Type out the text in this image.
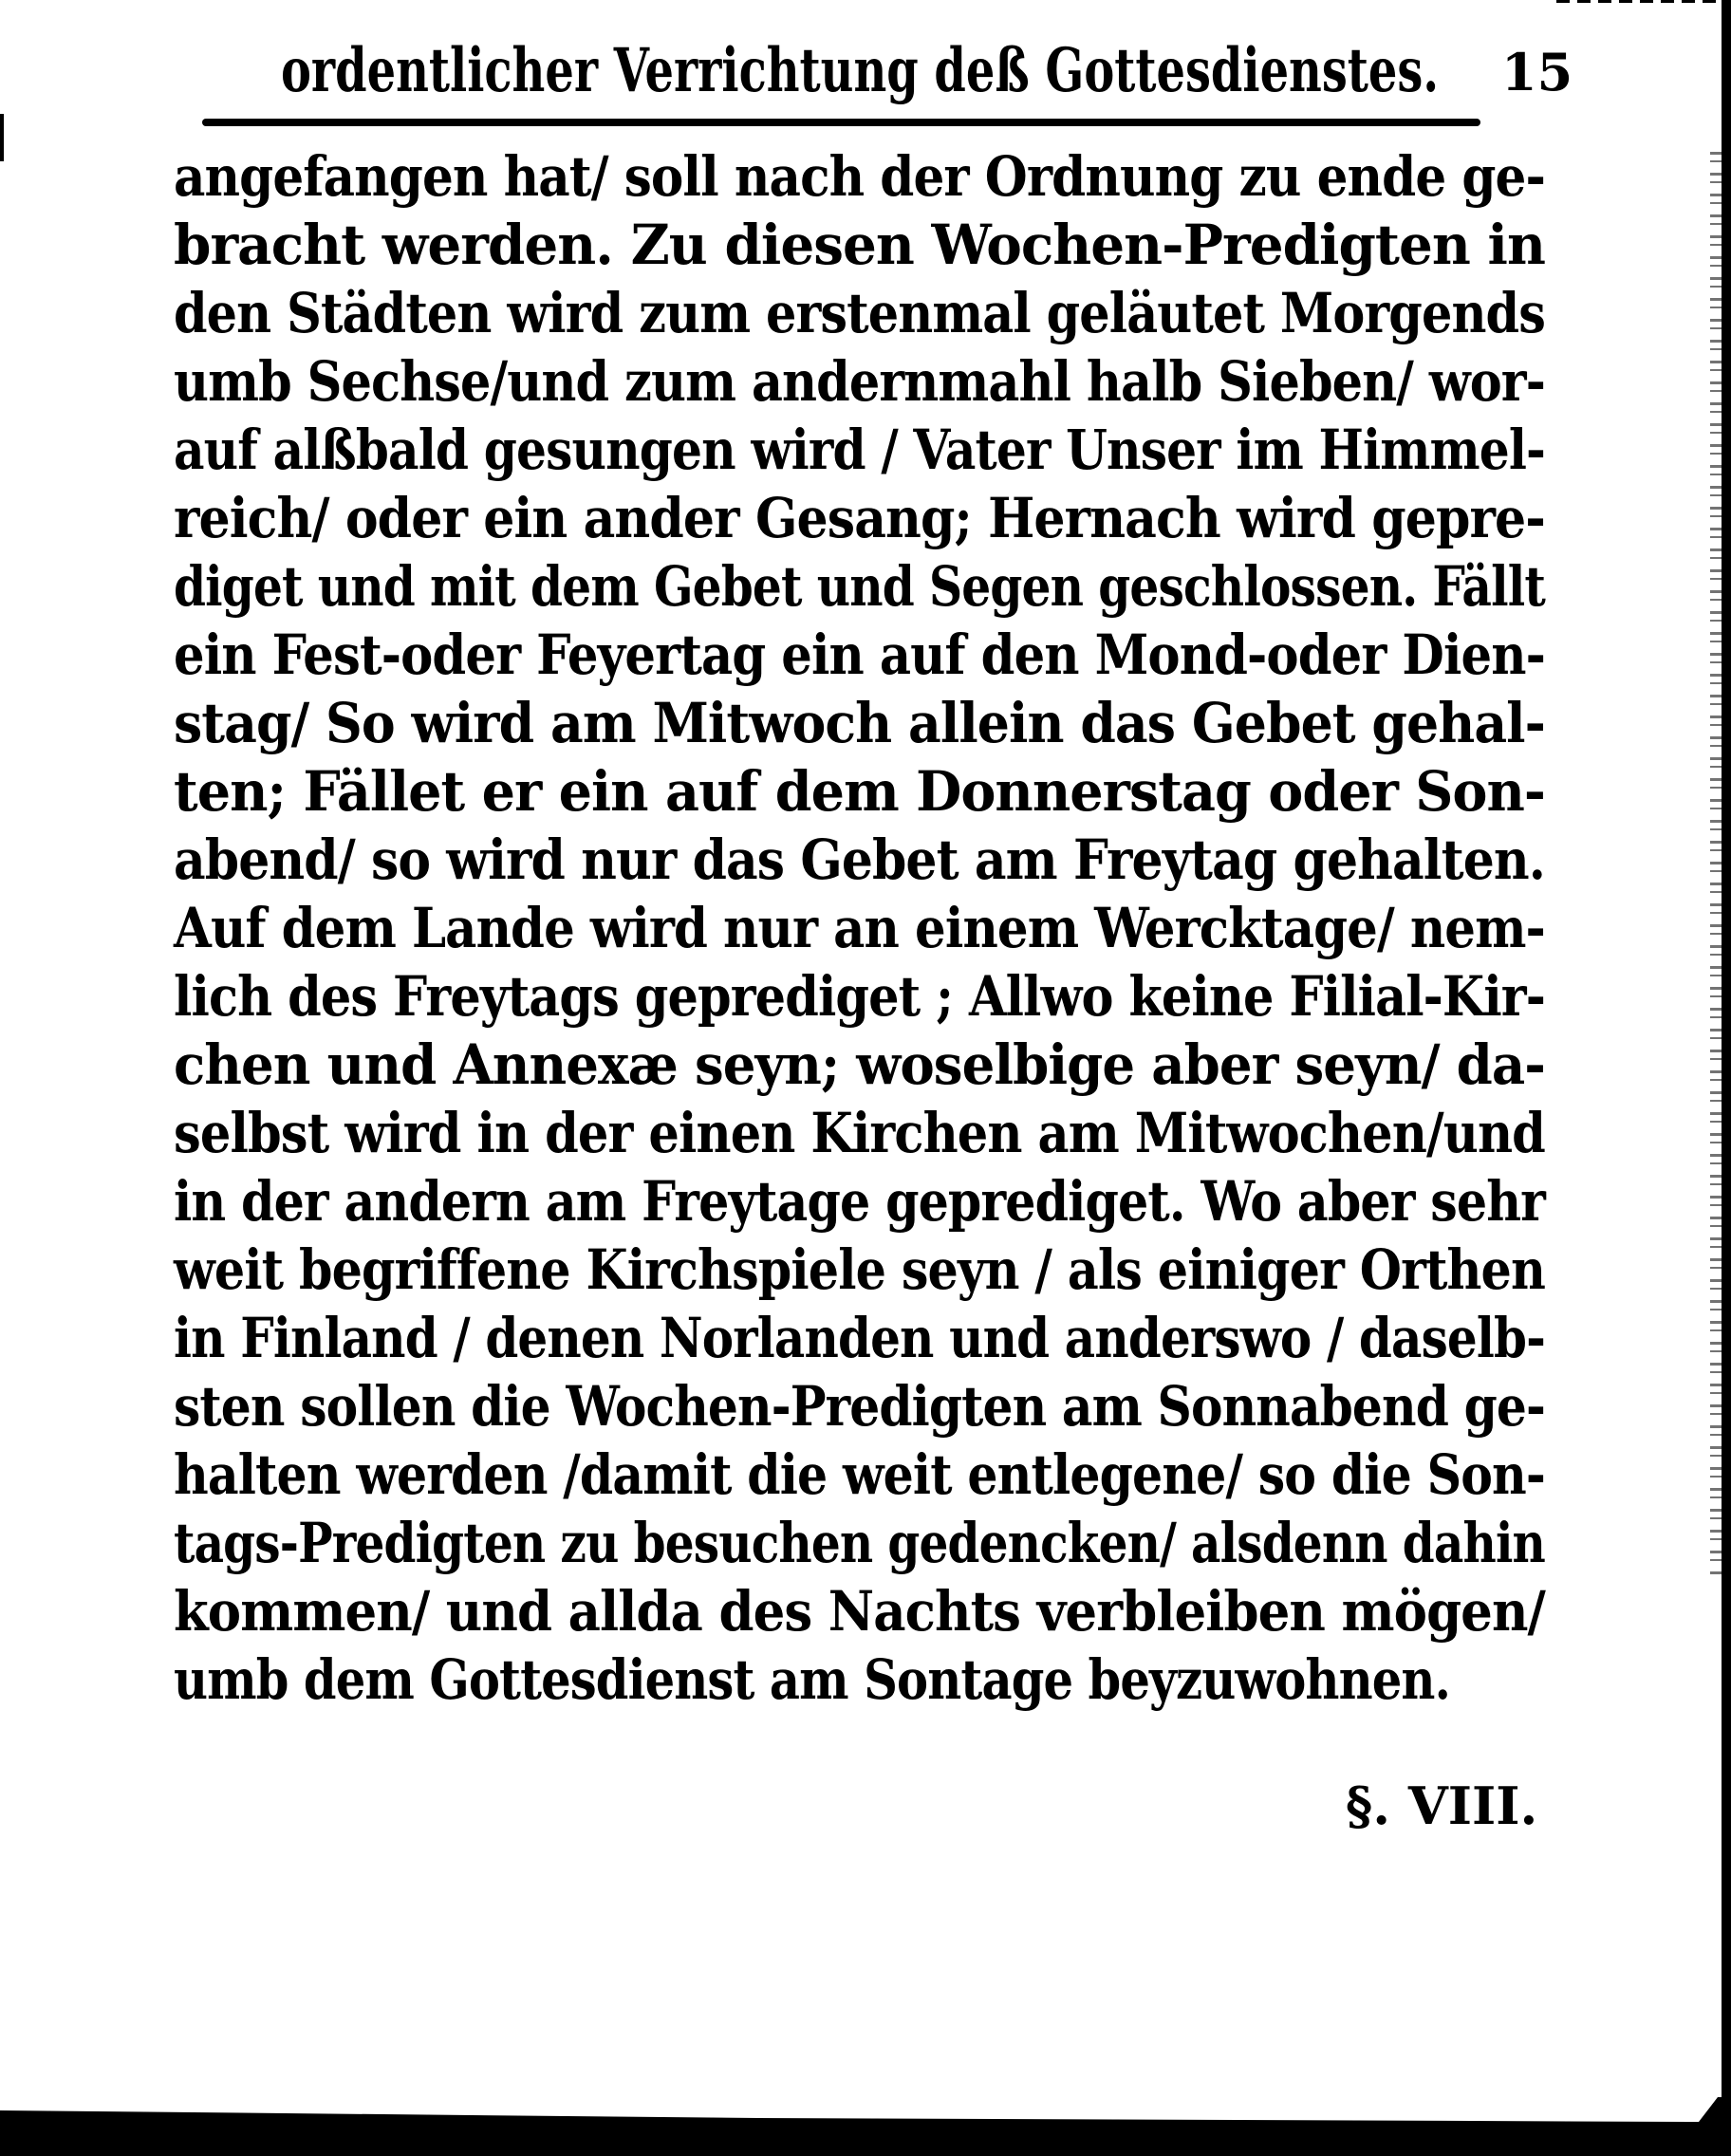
ordentlicher Verrichtung deß Gottesdienstes. 15
angefangen hat/ soll nach der Ordnung zu ende ge-
bracht werden. Zu diesen Wochen-Predigten in
den Städten wird zum erstenmal geläutet Morgends
umb Sechse/und zum andernmahl halb Sieben/ wor-
auf alßbald gesungen wird / Vater Unser im Himmel-
reich/ oder ein ander Gesang; Hernach wird gepre-
diget und mit dem Gebet und Segen geschlossen. Fällt
ein Fest-oder Feyertag ein auf den Mond-oder Dien-
stag/ So wird am Mitwoch allein das Gebet gehal-
ten; Fället er ein auf dem Donnerstag oder Son-
abend/ so wird nur das Gebet am Freytag gehalten.
Auf dem Lande wird nur an einem Wercktage/ nem-
lich des Freytags geprediget ; Allwo keine Filial-Kir-
chen und Annexæ seyn; woselbige aber seyn/ da-
selbst wird in der einen Kirchen am Mitwochen/und
in der andern am Freytage geprediget. Wo aber sehr
weit begriffene Kirchspiele seyn / als einiger Orthen
in Finland / denen Norlanden und anderswo / daselb-
sten sollen die Wochen-Predigten am Sonnabend ge-
halten werden /damit die weit entlegene/ so die Son-
tags-Predigten zu besuchen gedencken/ alsdenn dahin
kommen/ und allda des Nachts verbleiben mögen/
umb dem Gottesdienst am Sontage beyzuwohnen.
§. VIII.
